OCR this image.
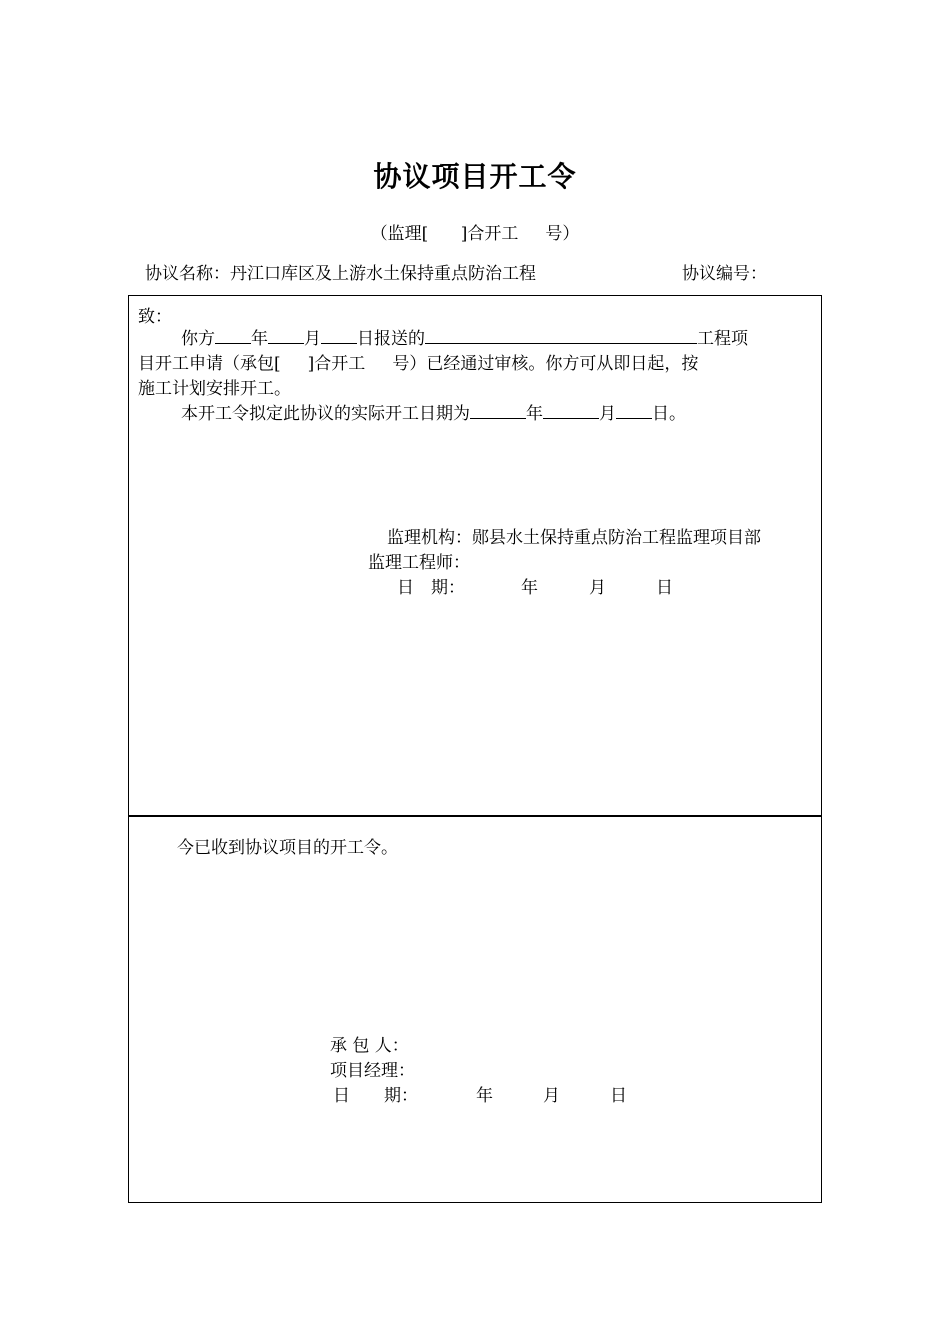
协议项目开工令
（监理[ ]合开工 号）
协议名称：丹江口库区及上游水土保持重点防治工程	协议编号：
致：
你方 年 月 日报送的	工程项
目开工申请（承包[ ]合开工 号）已经通过审核。你方可从即日起，按
施工计划安排开工。
本开工令拟定此协议的实际开工日期为	年	月 日。
监理机构：郧县水土保持重点防治工程监理项目部
监理工程师：
日　期：	年	月	日
今已收到协议项目的开工令。
承 包 人：
项目经理：
日　　期：	年	月	日
